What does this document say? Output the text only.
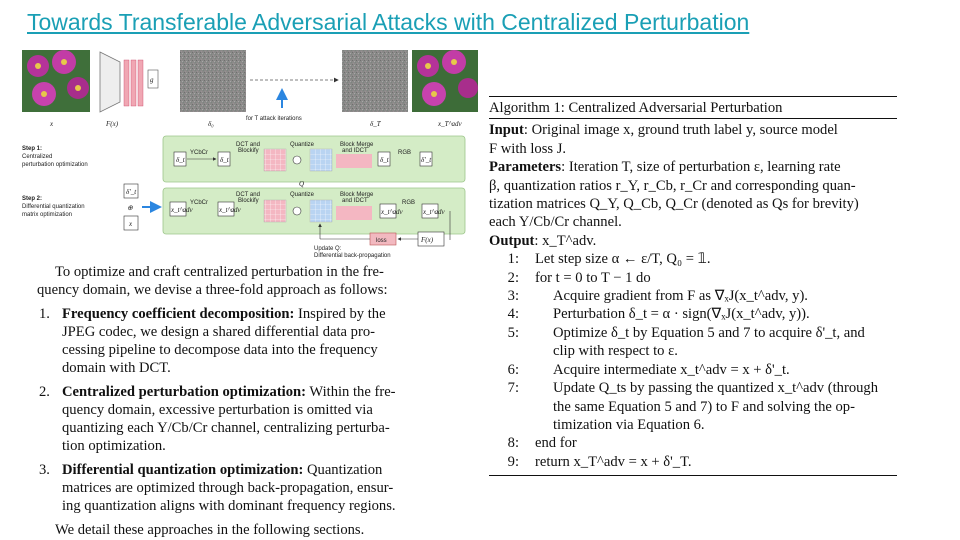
Towards Transferable Adversarial Attacks with Centralized Perturbation
x
g
F(x)	δ₀
for T attack iterations
δ_T	x_T^adv
Step 1:
Centralized
perturbation optimization
Step 2:
Differential quantization
matrix optimization
δ'_t
⊕
x
δ_t
YCbCr
δ_t
DCT and
Blockify
Quantize	Block Merge
and IDCT
δ_t
RGB
δ'_t
Q
x_t^adv
YCbCr
x_t^adv
DCT and
Blockify
Quantize	Block Merge
and IDCT
x_t^adv
RGB
x_t^adv
F(x)
loss
Update Q:
Differential back-propagation

To optimize and craft centralized perturbation in the fre-
quency domain, we devise a three-fold approach as follows:

1. Frequency coefficient decomposition: Inspired by the
JPEG codec, we design a shared differential data pro-
cessing pipeline to decompose data into the frequency
domain with DCT.
2. Centralized perturbation optimization: Within the fre-
quency domain, excessive perturbation is omitted via
quantizing each Y/Cb/Cr channel, centralizing perturba-
tion optimization.
3. Differential quantization optimization: Quantization
matrices are optimized through back-propagation, ensur-
ing quantization aligns with dominant frequency regions.

We detail these approaches in the following sections.

Algorithm 1: Centralized Adversarial Perturbation
Input: Original image x, ground truth label y, source model
F with loss J.
Parameters: Iteration T, size of perturbation ε, learning rate
β, quantization ratios r_Y, r_Cb, r_Cr and corresponding quan-
tization matrices Q_Y, Q_Cb, Q_Cr (denoted as Qs for brevity)
each Y/Cb/Cr channel.
Output: x_T^adv.
1: Let step size α ← ε/T, Q₀ = 𝟙.
2: for t = 0 to T − 1 do
3:	Acquire gradient from F as ∇ₓJ(x_t^adv, y).
4:	Perturbation δ_t = α · sign(∇ₓJ(x_t^adv, y)).
5:	Optimize δ_t by Equation 5 and 7 to acquire δ'_t, and
clip with respect to ε.
6:	Acquire intermediate x_t^adv = x + δ'_t.
7:	Update Q_ts by passing the quantized x_t^adv (through
the same Equation 5 and 7) to F and solving the op-
timization via Equation 6.
8: end for
9: return x_T^adv = x + δ'_T.
